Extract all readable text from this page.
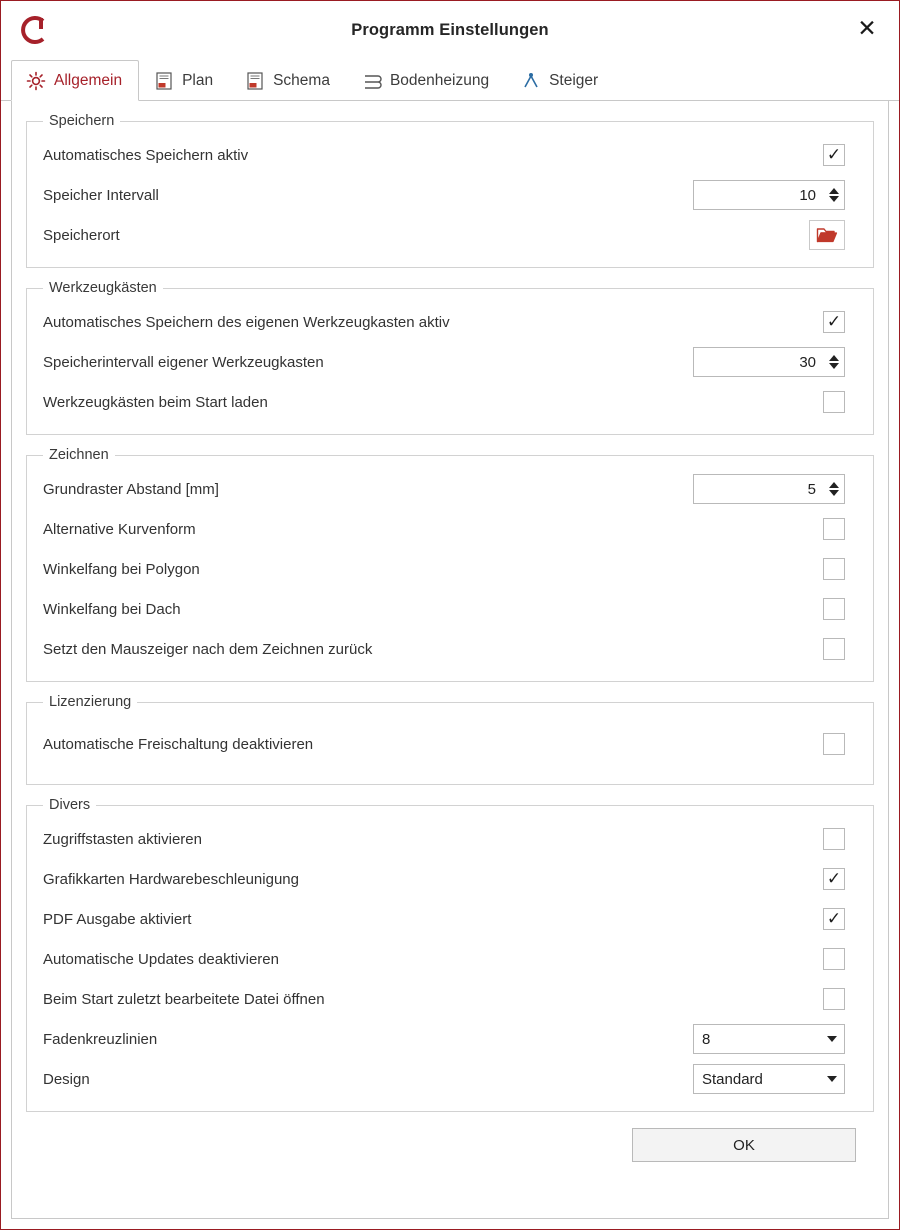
Programm Einstellungen	✕
Allgemein	Plan	Schema	Bodenheizung	Steiger
Speichern
Automatisches Speichern aktiv	✓
Speicher Intervall	10
Speicherort
Werkzeugkästen
Automatisches Speichern des eigenen Werkzeugkasten aktiv	✓
Speicherintervall eigener Werkzeugkasten	30
Werkzeugkästen beim Start laden
Zeichnen
Grundraster Abstand [mm]	5
Alternative Kurvenform
Winkelfang bei Polygon
Winkelfang bei Dach
Setzt den Mauszeiger nach dem Zeichnen zurück
Lizenzierung
Automatische Freischaltung deaktivieren
Divers
Zugriffstasten aktivieren
Grafikkarten Hardwarebeschleunigung	✓
PDF Ausgabe aktiviert	✓
Automatische Updates deaktivieren
Beim Start zuletzt bearbeitete Datei öffnen
Fadenkreuzlinien	8
Design	Standard
OK
